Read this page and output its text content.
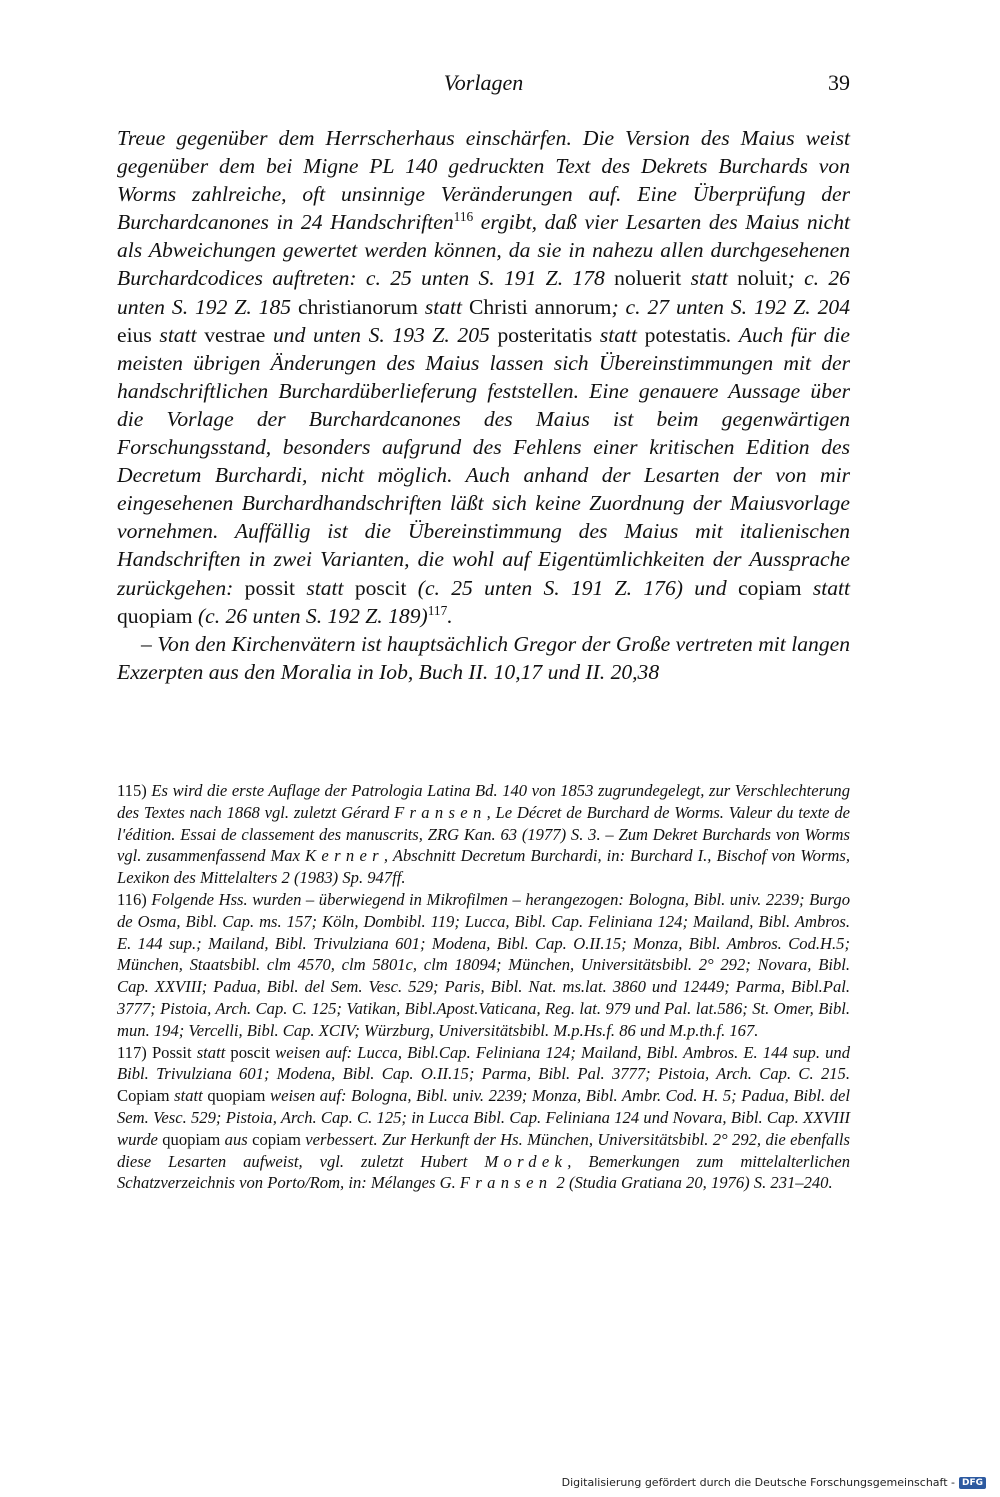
Vorlagen	39

Treue gegenüber dem Herrscherhaus einschärfen. Die Version des Maius weist gegenüber dem bei Migne PL 140 gedruckten Text des Dekrets Burchards von Worms zahlreiche, oft unsinnige Veränderungen auf. Eine Überprüfung der Burchardcanones in 24 Handschriften$^{116}$ ergibt, daß vier Lesarten des Maius nicht als Abweichungen gewertet werden können, da sie in nahezu allen durchgesehenen Burchardcodices auftreten: c. 25 unten S. 191 Z. 178 noluerit statt noluit; c. 26 unten S. 192 Z. 185 christianorum statt Christi annorum; c. 27 unten S. 192 Z. 204 eius statt vestrae und unten S. 193 Z. 205 posteritatis statt potestatis. Auch für die meisten übrigen Änderungen des Maius lassen sich Übereinstimmungen mit der handschriftlichen Burchardüberlieferung feststellen. Eine genauere Aussage über die Vorlage der Burchardcanones des Maius ist beim gegenwärtigen Forschungsstand, besonders aufgrund des Fehlens einer kritischen Edition des Decretum Burchardi, nicht möglich. Auch anhand der Lesarten der von mir eingesehenen Burchardhandschriften läßt sich keine Zuordnung der Maiusvorlage vornehmen. Auffällig ist die Übereinstimmung des Maius mit italienischen Handschriften in zwei Varianten, die wohl auf Eigentümlichkeiten der Aussprache zurückgehen: possit statt poscit (c. 25 unten S. 191 Z. 176) und copiam statt quopiam (c. 26 unten S. 192 Z. 189)$^{117}$.

– Von den Kirchenvätern ist hauptsächlich Gregor der Große vertreten mit langen Exzerpten aus den Moralia in Iob, Buch II. 10,17 und II. 20,38

115) Es wird die erste Auflage der Patrologia Latina Bd. 140 von 1853 zugrundegelegt, zur Verschlechterung des Textes nach 1868 vgl. zuletzt Gérard Fransen, Le Décret de Burchard de Worms. Valeur du texte de l'édition. Essai de classement des manuscrits, ZRG Kan. 63 (1977) S. 3. – Zum Dekret Burchards von Worms vgl. zusammenfassend Max Kerner, Abschnitt Decretum Burchardi, in: Burchard I., Bischof von Worms, Lexikon des Mittelalters 2 (1983) Sp. 947ff.

116) Folgende Hss. wurden – überwiegend in Mikrofilmen – herangezogen: Bologna, Bibl. univ. 2239; Burgo de Osma, Bibl. Cap. ms. 157; Köln, Dombibl. 119; Lucca, Bibl. Cap. Feliniana 124; Mailand, Bibl. Ambros. E. 144 sup.; Mailand, Bibl. Trivulziana 601; Modena, Bibl. Cap. O.II.15; Monza, Bibl. Ambros. Cod.H.5; München, Staatsbibl. clm 4570, clm 5801c, clm 18094; München, Universitätsbibl. 2° 292; Novara, Bibl. Cap. XXVIII; Padua, Bibl. del Sem. Vesc. 529; Paris, Bibl. Nat. ms.lat. 3860 und 12449; Parma, Bibl.Pal. 3777; Pistoia, Arch. Cap. C. 125; Vatikan, Bibl.Apost.Vaticana, Reg. lat. 979 und Pal. lat.586; St. Omer, Bibl. mun. 194; Vercelli, Bibl. Cap. XCIV; Würzburg, Universitätsbibl. M.p.Hs.f. 86 und M.p.th.f. 167.

117) Possit statt poscit weisen auf: Lucca, Bibl.Cap. Feliniana 124; Mailand, Bibl. Ambros. E. 144 sup. und Bibl. Trivulziana 601; Modena, Bibl. Cap. O.II.15; Parma, Bibl. Pal. 3777; Pistoia, Arch. Cap. C. 215. Copiam statt quopiam weisen auf: Bologna, Bibl. univ. 2239; Monza, Bibl. Ambr. Cod. H. 5; Padua, Bibl. del Sem. Vesc. 529; Pistoia, Arch. Cap. C. 125; in Lucca Bibl. Cap. Feliniana 124 und Novara, Bibl. Cap. XXVIII wurde quopiam aus copiam verbessert. Zur Herkunft der Hs. München, Universitätsbibl. 2° 292, die ebenfalls diese Lesarten aufweist, vgl. zuletzt Hubert Mordek, Bemerkungen zum mittelalterlichen Schatzverzeichnis von Porto/Rom, in: Mélanges G. Fransen 2 (Studia Gratiana 20, 1976) S. 231–240.

Digitalisierung gefördert durch die Deutsche Forschungsgemeinschaft - DFG
